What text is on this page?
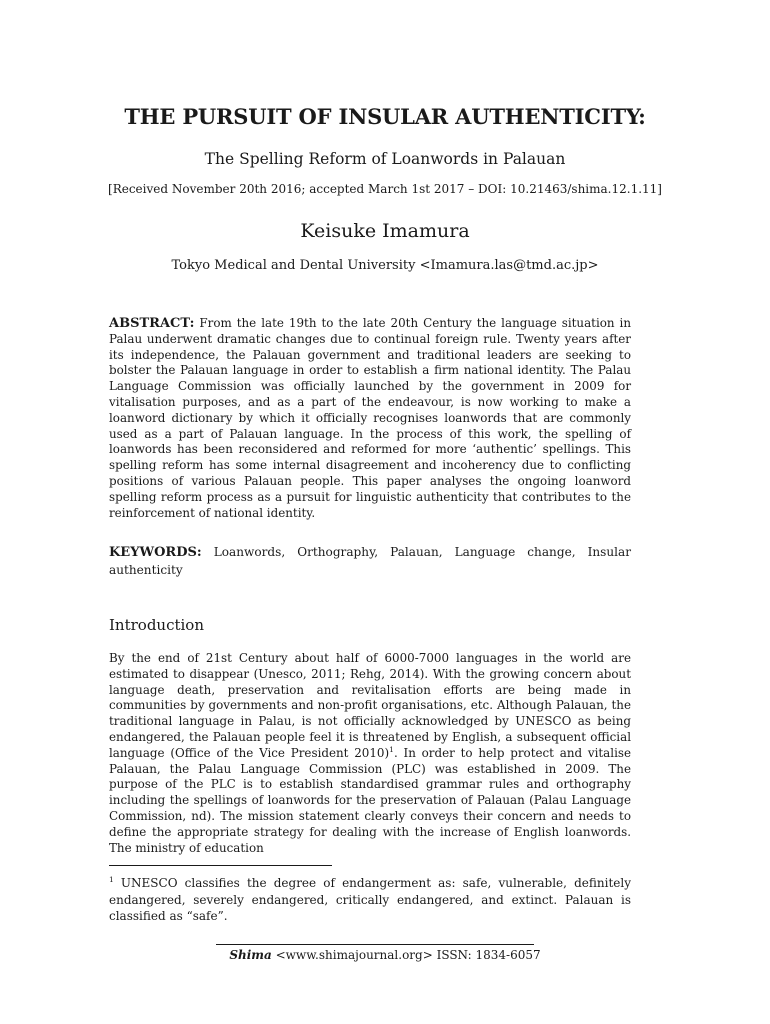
THE PURSUIT OF INSULAR AUTHENTICITY:
The Spelling Reform of Loanwords in Palauan
[Received November 20th 2016; accepted March 1st 2017 – DOI: 10.21463/shima.12.1.11]
Keisuke Imamura
Tokyo Medical and Dental University <Imamura.las@tmd.ac.jp>
ABSTRACT: From the late 19th to the late 20th Century the language situation in Palau underwent dramatic changes due to continual foreign rule. Twenty years after its independence, the Palauan government and traditional leaders are seeking to bolster the Palauan language in order to establish a firm national identity. The Palau Language Commission was officially launched by the government in 2009 for vitalisation purposes, and as a part of the endeavour, is now working to make a loanword dictionary by which it officially recognises loanwords that are commonly used as a part of Palauan language. In the process of this work, the spelling of loanwords has been reconsidered and reformed for more ‘authentic’ spellings. This spelling reform has some internal disagreement and incoherency due to conflicting positions of various Palauan people. This paper analyses the ongoing loanword spelling reform process as a pursuit for linguistic authenticity that contributes to the reinforcement of national identity.
KEYWORDS: Loanwords, Orthography, Palauan, Language change, Insular authenticity
Introduction
By the end of 21st Century about half of 6000-7000 languages in the world are estimated to disappear (Unesco, 2011; Rehg, 2014). With the growing concern about language death, preservation and revitalisation efforts are being made in communities by governments and non-profit organisations, etc. Although Palauan, the traditional language in Palau, is not officially acknowledged by UNESCO as being endangered, the Palauan people feel it is threatened by English, a subsequent official language (Office of the Vice President 2010)$^1$. In order to help protect and vitalise Palauan, the Palau Language Commission (PLC) was established in 2009. The purpose of the PLC is to establish standardised grammar rules and orthography including the spellings of loanwords for the preservation of Palauan (Palau Language Commission, nd). The mission statement clearly conveys their concern and needs to define the appropriate strategy for dealing with the increase of English loanwords. The ministry of education
$^1$ UNESCO classifies the degree of endangerment as: safe, vulnerable, definitely endangered, severely endangered, critically endangered, and extinct. Palauan is classified as “safe”.
Shima <www.shimajournal.org> ISSN: 1834-6057
